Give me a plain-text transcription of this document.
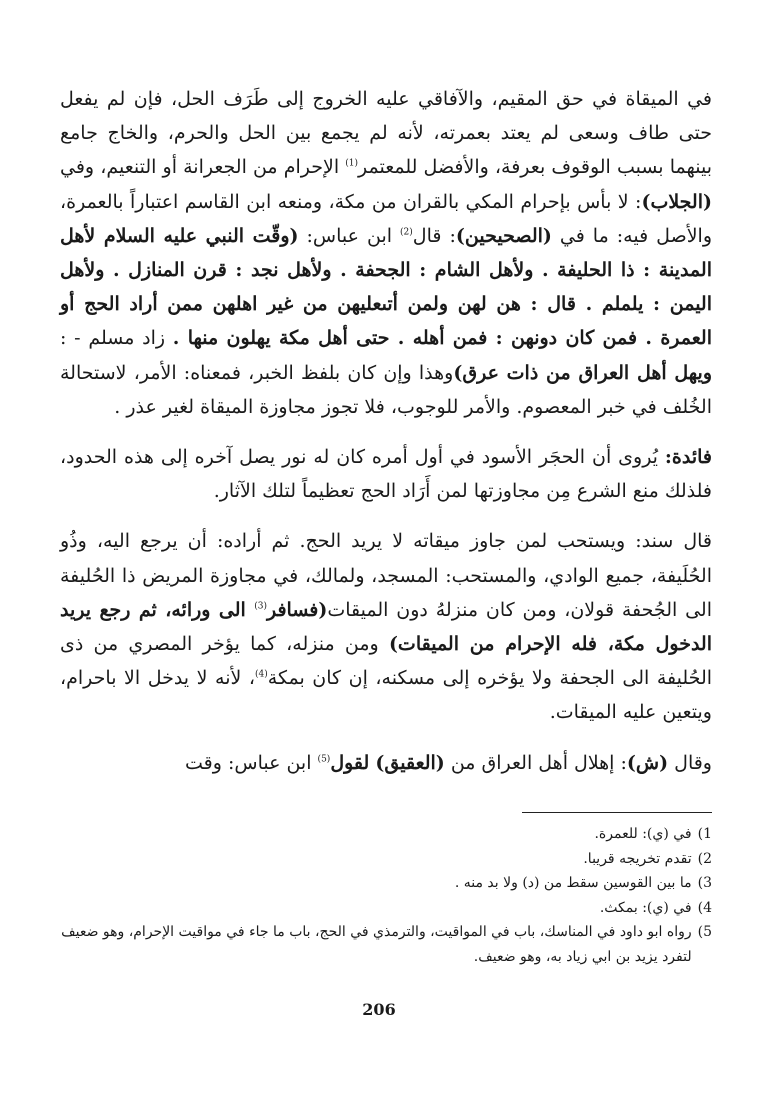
في الميقاة في حق المقيم، والآفاقي عليه الخروج إلى طَرَف الحل، فإن لم يفعل حتى طاف وسعى لم يعتد بعمرته، لأنه لم يجمع بين الحل والحرم، والخاج جامع بينهما بسبب الوقوف بعرفة، والأفضل للمعتمر$^{(1)}$ الإحرام من الجعرانة أو التنعيم، وفي (الجلاب): لا بأس بإحرام المكي بالقران من مكة، ومنعه ابن القاسم اعتباراً بالعمرة، والأصل فيه: ما في (الصحيحين): قال$^{(2)}$ ابن عباس: (وقّت النبي عليه السلام لأهل المدينة : ذا الحليفة . ولأهل الشام : الجحفة . ولأهل نجد : قرن المنازل . ولأهل اليمن : يلملم . قال : هن لهن ولمن أتىعليهن من غير اهلهن ممن أراد الحج أو العمرة . فمن كان دونهن : فمن أهله . حتى أهل مكة يهلون منها . زاد مسلم - : ويهل أهل العراق من ذات عرق)وهذا وإن كان بلفظ الخبر، فمعناه: الأمر، لاستحالة الخُلف في خبر المعصوم. والأمر للوجوب، فلا تجوز مجاوزة الميقاة لغير عذر .

فائدة: يُروى أن الحجَر الأسود في أول أمره كان له نور يصل آخره إلى هذه الحدود، فلذلك منع الشرع مِن مجاوزتها لمن أَرَاد الحج تعظيماً لتلك الآثار.

قال سند: ويستحب لمن جاوز ميقاته لا يريد الحج. ثم أراده: أن يرجع اليه، وذُو الحُلَيفة، جميع الوادي، والمستحب: المسجد، ولمالك، في مجاوزة المريض ذا الحُليفة الى الجُحفة قولان، ومن كان منزلهُ دون الميقات(فسافر$^{(3)}$ الى ورائه، ثم رجع يريد الدخول مكة، فله الإحرام من الميقات) ومن منزله، كما يؤخر المصري من ذى الحُليفة الى الجحفة ولا يؤخره إلى مسكنه، إن كان بمكة$^{(4)}$، لأنه لا يدخل الا باحرام، ويتعين عليه الميقات.

وقال (ش): إهلال أهل العراق من (العقيق) لقول$^{(5)}$ ابن عباس: وقت

1)
في (ي): للعمرة.
2)
تقدم تخريجه قريبا.
3)
ما بين القوسين سقط من (د) ولا بد منه .
4)
في (ي): بمكث.
5)
رواه ابو داود في المناسك، باب في المواقيت، والترمذي في الحج، باب ما جاء في مواقيت الإحرام، وهو ضعيف لتفرد يزيد بن ابي زياد به، وهو ضعيف.
206
